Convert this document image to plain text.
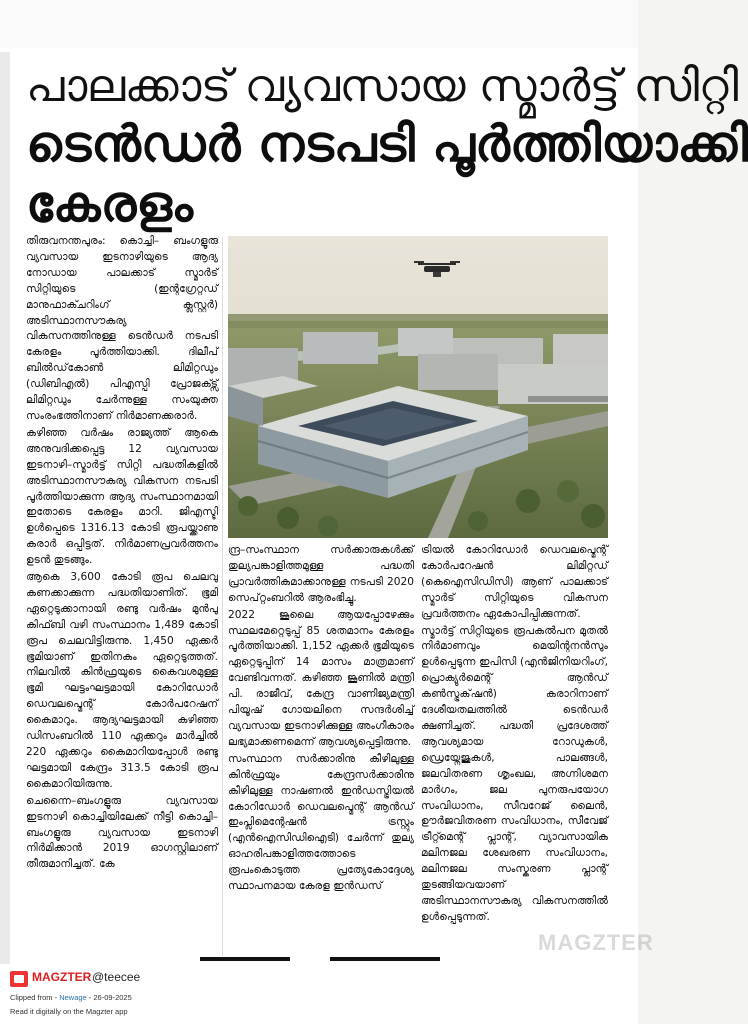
പാലക്കാട് വ്യവസായ സ്മാർട്ട് സിറ്റി
ടെൻഡർ നടപടി പൂർത്തിയാക്കി
കേരളം

തിരുവനന്തപുരം: കൊച്ചി– ബംഗളൂരു വ്യവസായ ഇടനാഴിയുടെ ആദ്യ നോഡായ പാലക്കാട് സ്മാർട് സിറ്റിയുടെ (ഇന്റഗ്രേറ്റഡ് മാനുഫാക്ചറിംഗ് ക്ലസ്റ്റർ) അടിസ്ഥാനസൗകര്യ വികസനത്തിനുള്ള ടെൻഡർ നടപടി കേരളം പൂർത്തിയാക്കി. ദിലീപ് ബിൽഡ്‌കോൺ ലിമിറ്റഡും (ഡിബിഎൽ) പിഎസ്പി പ്രോജക്ട്സ് ലിമിറ്റഡും ചേർന്നുള്ള സംയുക്ത സംരംഭത്തിനാണ് നിർമാണക്കരാർ.

കഴിഞ്ഞ വർഷം രാജ്യത്ത് ആകെ അനുവദിക്കപ്പെട്ട 12 വ്യവസായ ഇടനാഴി–സ്മാർട്ട് സിറ്റി പദ്ധതികളിൽ അടിസ്ഥാനസൗകര്യ വികസന നടപടി പൂർത്തിയാക്കുന്ന ആദ്യ സംസ്ഥാനമായി ഇതോടെ കേരളം മാറി. ജിഎസ്ടി ഉൾപ്പെടെ 1316.13 കോടി രൂപയ്ക്കാണു കരാർ ഒപ്പിട്ടത്. നിർമാണപ്രവർത്തനം ഉടൻ തുടങ്ങും.

ആകെ 3,600 കോടി രൂപ ചെലവു കണക്കാക്കുന്ന പദ്ധതിയാണിത്. ഭൂമി ഏറ്റെടുക്കാനായി രണ്ടു വർഷം മുൻപു കിഫ്ബി വഴി സംസ്ഥാനം 1,489 കോടി രൂപ ചെലവിട്ടിരുന്നു. 1,450 ഏക്കർ ഭൂമിയാണ് ഇതിനകം ഏറ്റെടുത്തത്. നിലവിൽ കിൻഫ്രയുടെ കൈവശമുള്ള ഭൂമി ഘട്ടംഘട്ടമായി കോറിഡോർ ഡെവലപ്മെന്റ് കോർപറേഷന് കൈമാറും. ആദ്യഘട്ടമായി കഴിഞ്ഞ ഡിസംബറിൽ 110 ഏക്കറും മാർച്ചിൽ 220 ഏക്കറും കൈമാറിയപ്പോൾ രണ്ടു ഘട്ടമായി കേന്ദ്രം 313.5 കോടി രൂപ കൈമാറിയിരുന്നു.

ചെന്നൈ–ബംഗളൂരു വ്യവസായ ഇടനാഴി കൊച്ചിയിലേക്ക് നീട്ടി കൊച്ചി– ബംഗളൂരു വ്യവസായ ഇടനാഴി നിർമിക്കാൻ 2019 ഓഗസ്റ്റിലാണ് തീരുമാനിച്ചത്. കേ

ന്ദ്ര–സംസ്ഥാന സർക്കാരുകൾക്ക് തുല്യപങ്കാളിത്തമുള്ള പദ്ധതി പ്രാവർത്തികമാക്കാനുള്ള നടപടി 2020 സെപ്റ്റംബറിൽ ആരംഭിച്ചു.

2022 ജൂലൈ ആയപ്പോഴേക്കും സ്ഥലമേറ്റെടുപ്പ് 85 ശതമാനം കേരളം പൂർത്തിയാക്കി. 1,152 ഏക്കർ ഭൂമിയുടെ ഏറ്റെടുപ്പിന് 14 മാസം മാത്രമാണ് വേണ്ടിവന്നത്. കഴിഞ്ഞ ജൂണിൽ മന്ത്രി പി. രാജീവ്, കേന്ദ്ര വാണിജ്യമന്ത്രി പിയൂഷ് ഗോയലിനെ സന്ദർശിച്ച് വ്യവസായ ഇടനാഴിക്കുള്ള അംഗീകാരം ലഭ്യമാക്കണമെന്ന് ആവശ്യപ്പെട്ടിരുന്നു.

സംസ്ഥാന സർക്കാരിനു കീഴിലുള്ള കിൻഫ്രയും കേന്ദ്രസർക്കാരിനു കീഴിലുള്ള നാഷണൽ ഇൻഡസ്ട്രിയൽ കോറിഡോർ ഡെവലപ്മെന്റ് ആൻഡ് ഇംപ്ലിമെന്റേഷൻ ട്രസ്റ്റും (എൻഐസിഡിഐടി) ചേർന്ന് തുല്യ ഓഹരിപങ്കാളിത്തത്തോടെ രൂപംകൊടുത്ത പ്രത്യേകോദ്ദേശ്യ സ്ഥാപനമായ കേരള ഇൻഡസ്

ട്രിയൽ കോറിഡോർ ഡെവലപ്മെന്റ് കോർപറേഷൻ ലിമിറ്റഡ് (കെഐസിഡിസി) ആണ് പാലക്കാട് സ്മാർട് സിറ്റിയുടെ വികസന പ്രവർത്തനം ഏകോപിപ്പിക്കുന്നത്.

സ്മാർട്ട് സിറ്റിയുടെ രൂപകൽപന മുതൽ നിർമാണവും മെയിന്റനൻസും ഉൾപ്പെടുന്ന ഇപിസി (എൻജിനിയറിംഗ്, പ്രൊക്യുർമെന്റ് ആൻഡ് കൺസ്ട്രക്‌ഷൻ) കരാറിനാണ് ദേശീയതലത്തിൽ ടെൻഡർ ക്ഷണിച്ചത്. പദ്ധതി പ്രദേശത്ത് ആവശ്യമായ റോഡുകൾ, ഡ്രെയ്നേജുകൾ, പാലങ്ങൾ, ജലവിതരണ ശൃംഖല, അഗ്നിശമന മാർഗം, ജല പുനരുപയോഗ സംവിധാനം, സീവറേജ് ലൈൻ, ഊർജവിതരണ സംവിധാനം, സീവേജ് ട്രീറ്റ്മെന്റ് പ്ലാന്റ്, വ്യാവസായിക മലിനജല ശേഖരണ സംവിധാനം, മലിനജല സംസ്കരണ പ്ലാന്റ് തുടങ്ങിയവയാണ് അടിസ്ഥാനസൗകര്യ വികസനത്തിൽ ഉൾപ്പെടുന്നത്.

MAGZTER
MAGZTER @teecee
Clipped from - Newage - 26-09-2025
Read it digitally on the Magzter app
